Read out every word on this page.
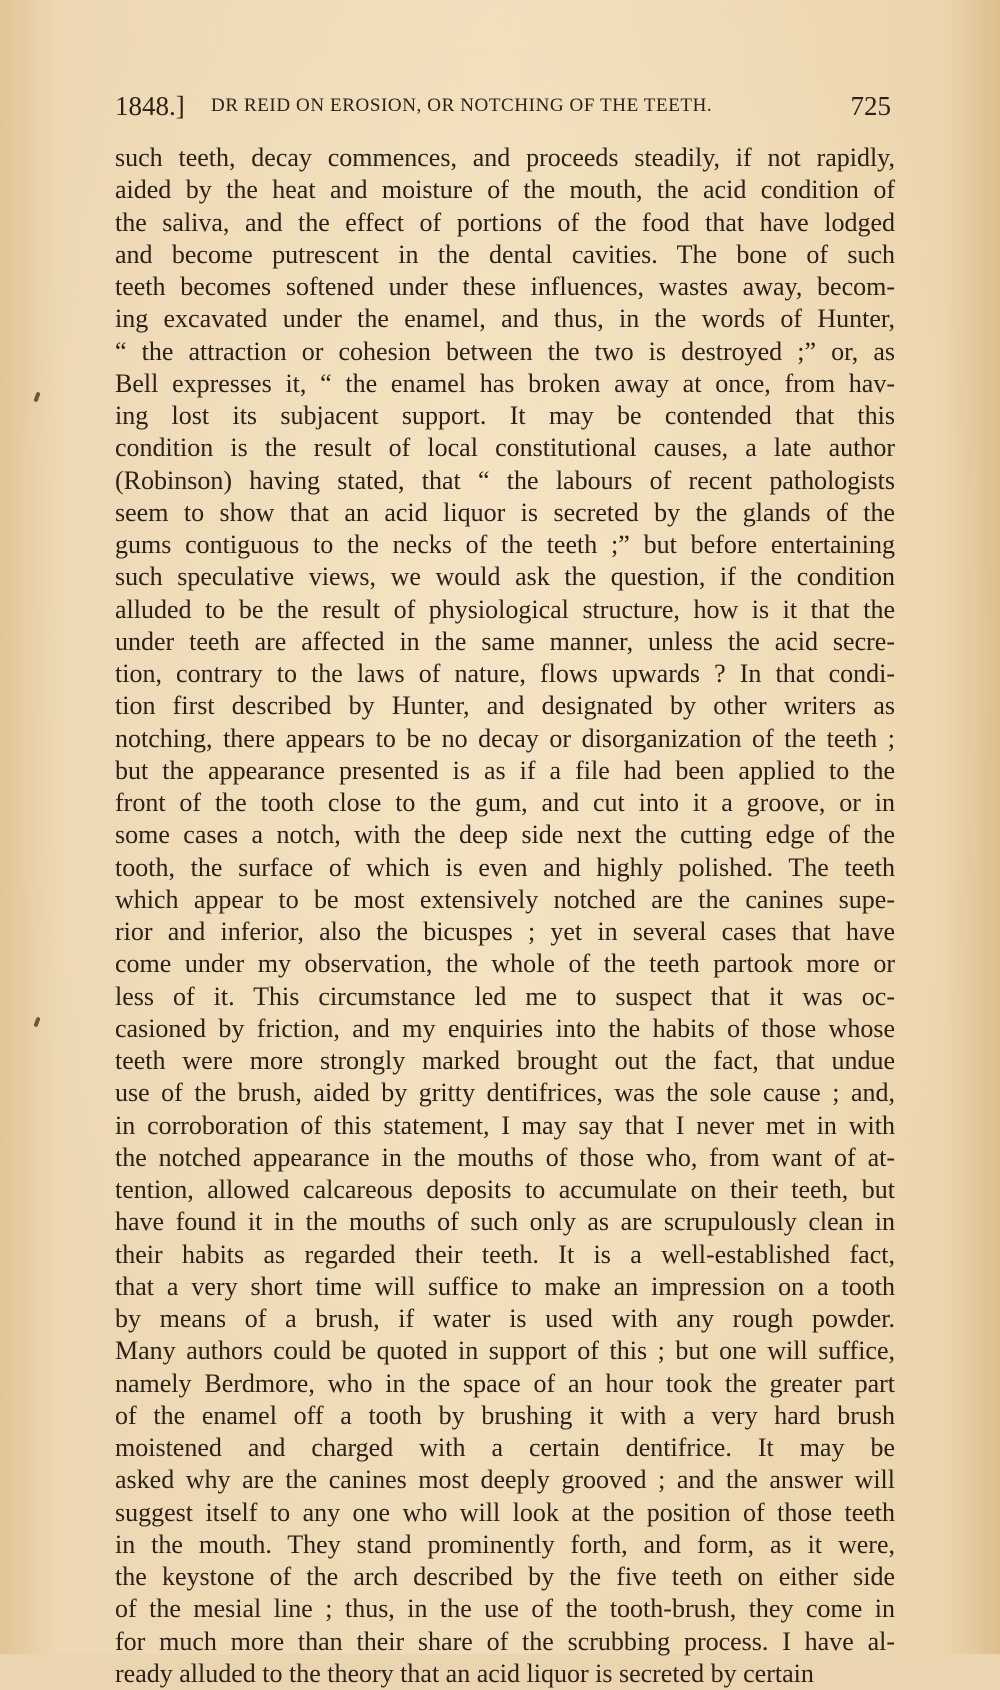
1848.] DR REID ON EROSION, OR NOTCHING OF THE TEETH.	725
such teeth, decay commences, and proceeds steadily, if not rapidly,
aided by the heat and moisture of the mouth, the acid condition of
the saliva, and the effect of portions of the food that have lodged
and become putrescent in the dental cavities. The bone of such
teeth becomes softened under these influences, wastes away, becom-
ing excavated under the enamel, and thus, in the words of Hunter,
“ the attraction or cohesion between the two is destroyed ;” or, as
Bell expresses it, “ the enamel has broken away at once, from hav-
ing lost its subjacent support. It may be contended that this
condition is the result of local constitutional causes, a late author
(Robinson) having stated, that “ the labours of recent pathologists
seem to show that an acid liquor is secreted by the glands of the
gums contiguous to the necks of the teeth ;” but before entertaining
such speculative views, we would ask the question, if the condition
alluded to be the result of physiological structure, how is it that the
under teeth are affected in the same manner, unless the acid secre-
tion, contrary to the laws of nature, flows upwards ? In that condi-
tion first described by Hunter, and designated by other writers as
notching, there appears to be no decay or disorganization of the teeth ;
but the appearance presented is as if a file had been applied to the
front of the tooth close to the gum, and cut into it a groove, or in
some cases a notch, with the deep side next the cutting edge of the
tooth, the surface of which is even and highly polished. The teeth
which appear to be most extensively notched are the canines supe-
rior and inferior, also the bicuspes ; yet in several cases that have
come under my observation, the whole of the teeth partook more or
less of it. This circumstance led me to suspect that it was oc-
casioned by friction, and my enquiries into the habits of those whose
teeth were more strongly marked brought out the fact, that undue
use of the brush, aided by gritty dentifrices, was the sole cause ; and,
in corroboration of this statement, I may say that I never met in with
the notched appearance in the mouths of those who, from want of at-
tention, allowed calcareous deposits to accumulate on their teeth, but
have found it in the mouths of such only as are scrupulously clean in
their habits as regarded their teeth. It is a well-established fact,
that a very short time will suffice to make an impression on a tooth
by means of a brush, if water is used with any rough powder.
Many authors could be quoted in support of this ; but one will suffice,
namely Berdmore, who in the space of an hour took the greater part
of the enamel off a tooth by brushing it with a very hard brush
moistened and charged with a certain dentifrice. It may be
asked why are the canines most deeply grooved ; and the answer will
suggest itself to any one who will look at the position of those teeth
in the mouth. They stand prominently forth, and form, as it were,
the keystone of the arch described by the five teeth on either side
of the mesial line ; thus, in the use of the tooth-brush, they come in
for much more than their share of the scrubbing process. I have al-
ready alluded to the theory that an acid liquor is secreted by certain
